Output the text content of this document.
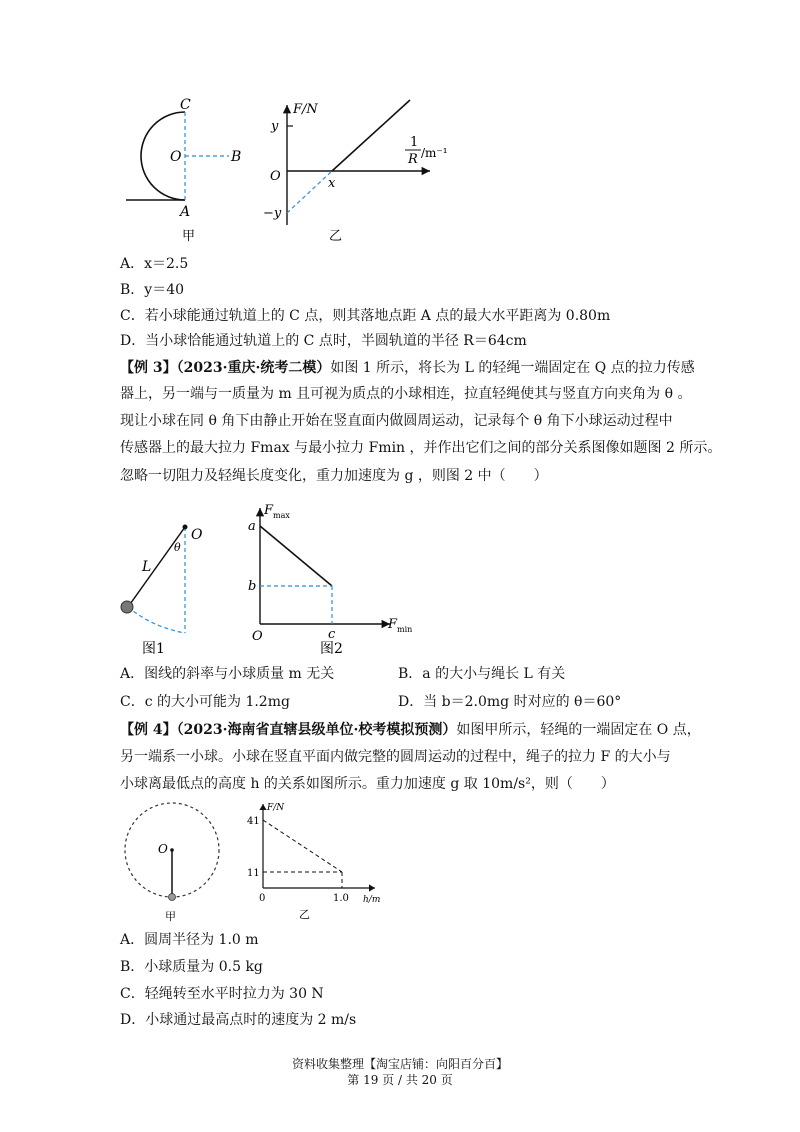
C
O	B
A
甲
F/N
y
O	x
−y
1
R /m⁻¹
乙
A．x＝2.5
B．y＝40
C．若小球能通过轨道上的 C 点，则其落地点距 A 点的最大水平距离为 0.80m
D．当小球恰能通过轨道上的 C 点时，半圆轨道的半径 R＝64cm
【例 3】（2023·重庆·统考二模）如图 1 所示，将长为 L 的轻绳一端固定在 Q 点的拉力传感
器上，另一端与一质量为 m 且可视为质点的小球相连，拉直轻绳使其与竖直方向夹角为 θ 。
现让小球在同 θ 角下由静止开始在竖直面内做圆周运动，记录每个 θ 角下小球运动过程中
传感器上的最大拉力 Fmax 与最小拉力 Fmin ，并作出它们之间的部分关系图像如题图 2 所示。
忽略一切阻力及轻绳长度变化，重力加速度为 g ，则图 2 中（　　）
O
θ
L
图1
F max
a
b
O	c
F min
图2
A．图线的斜率与小球质量 m 无关	B．a 的大小与绳长 L 有关
C．c 的大小可能为 1.2mg	D．当 b＝2.0mg 时对应的 θ＝60°
【例 4】（2023·海南省直辖县级单位·校考模拟预测）如图甲所示，轻绳的一端固定在 O 点，
另一端系一小球。小球在竖直平面内做完整的圆周运动的过程中，绳子的拉力 F 的大小与
小球离最低点的高度 h 的关系如图所示。重力加速度 g 取 10m/s²，则（　　）
O
甲
F/N
41
11
0	1.0 h/m
乙
A．圆周半径为 1.0 m
B．小球质量为 0.5 kg
C．轻绳转至水平时拉力为 30 N
D．小球通过最高点时的速度为 2 m/s
资料收集整理【淘宝店铺：向阳百分百】
第 19 页 / 共 20 页
